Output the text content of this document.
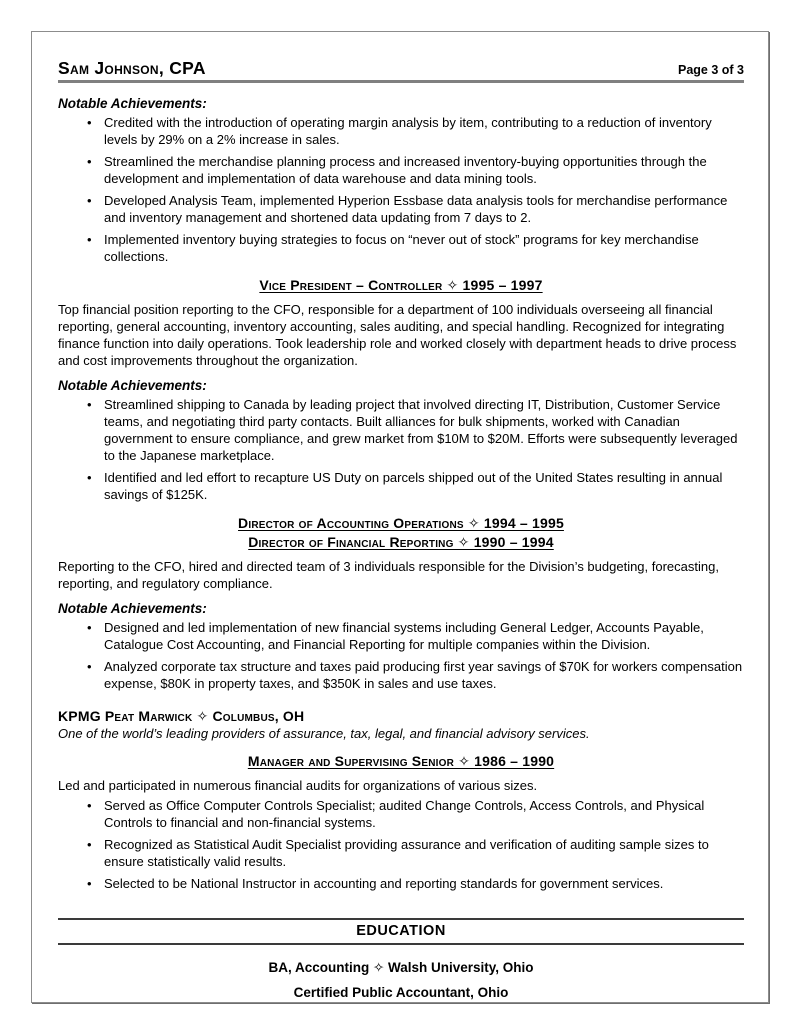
Sam Johnson, CPA	Page 3 of 3
Notable Achievements:
• Credited with the introduction of operating margin analysis by item, contributing to a reduction of inventory levels by 29% on a 2% increase in sales.
• Streamlined the merchandise planning process and increased inventory-buying opportunities through the development and implementation of data warehouse and data mining tools.
• Developed Analysis Team, implemented Hyperion Essbase data analysis tools for merchandise performance and inventory management and shortened data updating from 7 days to 2.
• Implemented inventory buying strategies to focus on “never out of stock” programs for key merchandise collections.
Vice President – Controller ✧ 1995 – 1997

Top financial position reporting to the CFO, responsible for a department of 100 individuals overseeing all financial reporting, general accounting, inventory accounting, sales auditing, and special handling. Recognized for integrating finance function into daily operations. Took leadership role and worked closely with department heads to drive process and cost improvements throughout the organization.

Notable Achievements:
• Streamlined shipping to Canada by leading project that involved directing IT, Distribution, Customer Service teams, and negotiating third party contacts. Built alliances for bulk shipments, worked with Canadian government to ensure compliance, and grew market from $10M to $20M. Efforts were subsequently leveraged to the Japanese marketplace.
• Identified and led effort to recapture US Duty on parcels shipped out of the United States resulting in annual savings of $125K.
Director of Accounting Operations ✧ 1994 – 1995
Director of Financial Reporting ✧ 1990 – 1994

Reporting to the CFO, hired and directed team of 3 individuals responsible for the Division’s budgeting, forecasting, reporting, and regulatory compliance.

Notable Achievements:
• Designed and led implementation of new financial systems including General Ledger, Accounts Payable, Catalogue Cost Accounting, and Financial Reporting for multiple companies within the Division.
• Analyzed corporate tax structure and taxes paid producing first year savings of $70K for workers compensation expense, $80K in property taxes, and $350K in sales and use taxes.
KPMG Peat Marwick ✧ Columbus, OH
One of the world’s leading providers of assurance, tax, legal, and financial advisory services.
Manager and Supervising Senior ✧ 1986 – 1990

Led and participated in numerous financial audits for organizations of various sizes.

• Served as Office Computer Controls Specialist; audited Change Controls, Access Controls, and Physical Controls to financial and non-financial systems.
• Recognized as Statistical Audit Specialist providing assurance and verification of auditing sample sizes to ensure statistically valid results.
• Selected to be National Instructor in accounting and reporting standards for government services.
EDUCATION
BA, Accounting ✧ Walsh University, Ohio
Certified Public Accountant, Ohio
